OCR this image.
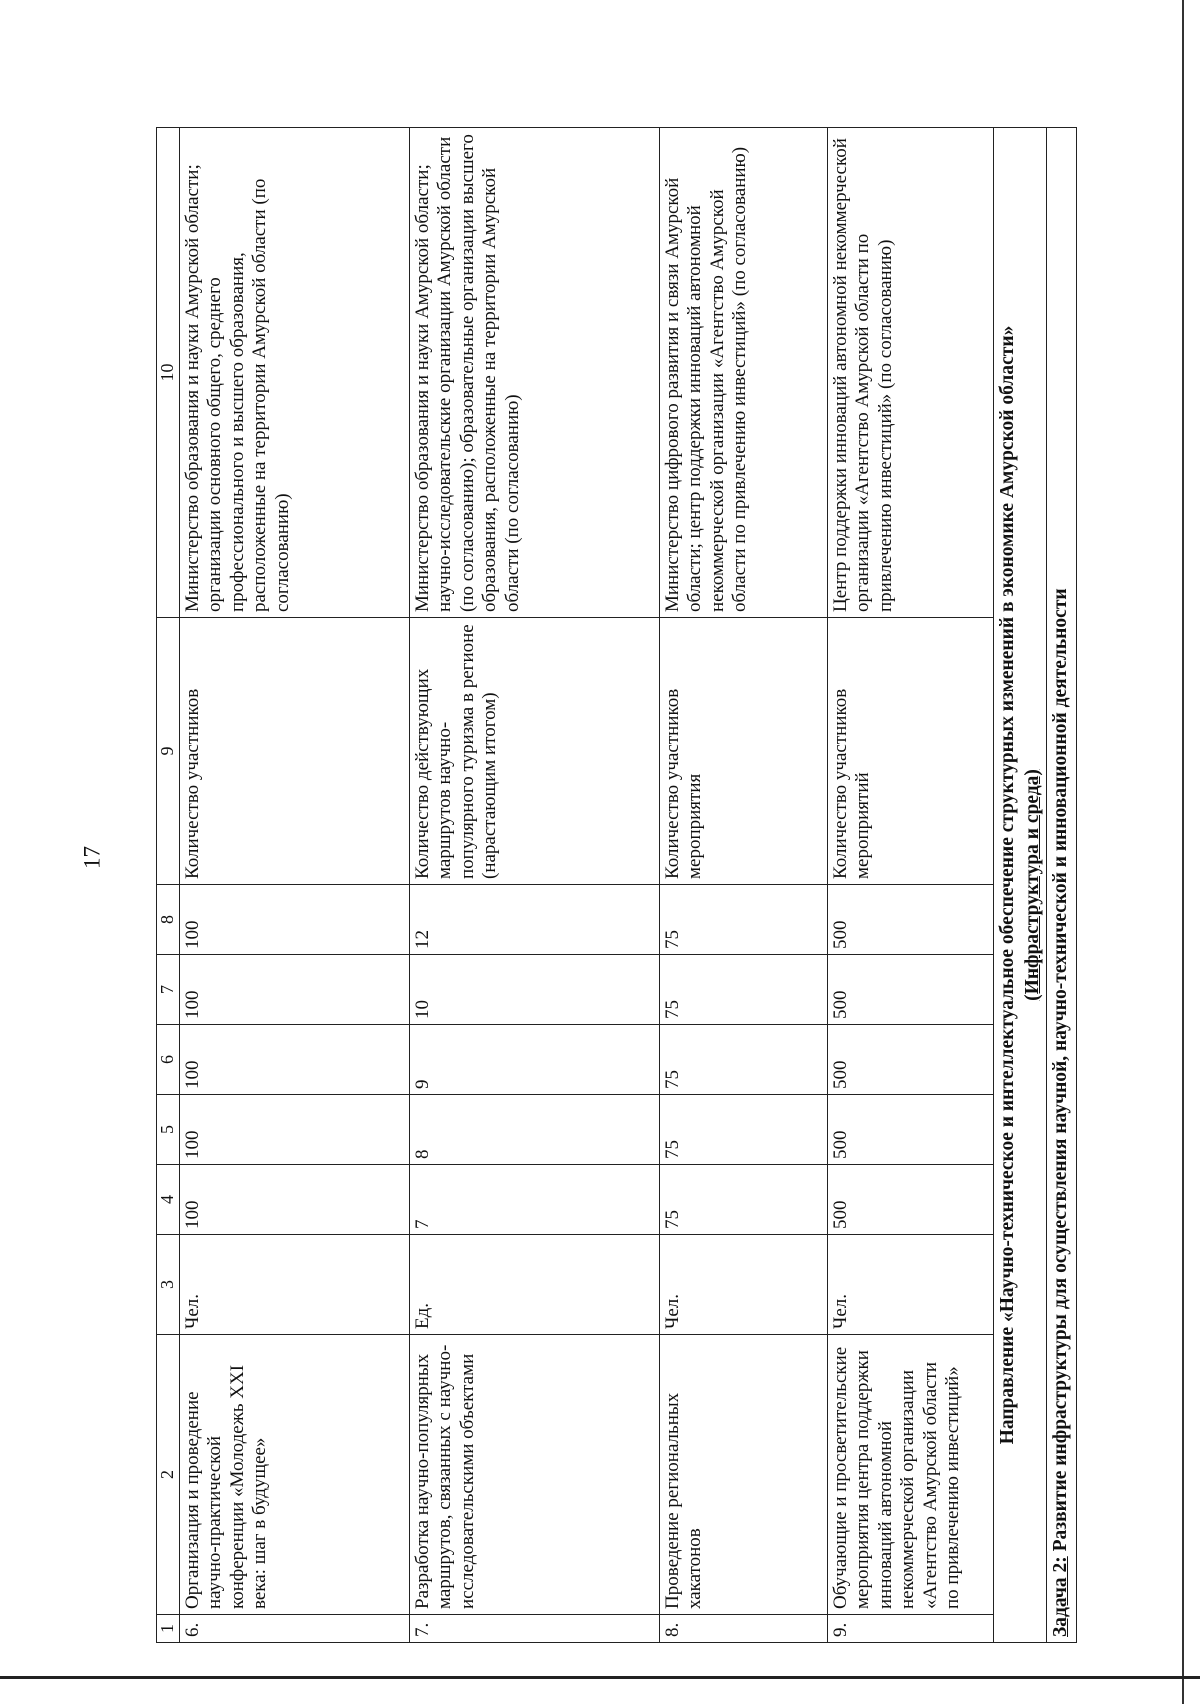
17
1	2	3	4	5	6	7	8	9	10
6.	Организация и проведение научно-практической конференции «Молодежь XXI века: шаг в будущее»	Чел.	100	100	100	100	100	Количество участников	Министерство образования и науки Амурской области; организации основного общего, среднего профессионального и высшего образования, расположенные на территории Амурской области (по согласованию)
7.	Разработка научно-популярных маршрутов, связанных с научно-исследовательскими объектами	Ед.	7	8	9	10	12	Количество действующих маршрутов научно-популярного туризма в регионе (нарастающим итогом)	Министерство образования и науки Амурской области; научно-исследовательские организации Амурской области (по согласованию); образовательные организации высшего образования, расположенные на территории Амурской области (по согласованию)
8.	Проведение региональных хакатонов	Чел.	75	75	75	75	75	Количество участников мероприятия	Министерство цифрового развития и связи Амурской области; центр поддержки инноваций автономной некоммерческой организации «Агентство Амурской области по привлечению инвестиций» (по согласованию)
9.	Обучающие и просветительские мероприятия центра поддержки инноваций автономной некоммерческой организации «Агентство Амурской области по привлечению инвестиций»	Чел.	500	500	500	500	500	Количество участников мероприятий	Центр поддержки инноваций автономной некоммерческой организации «Агентство Амурской области по привлечению инвестиций» (по согласованию)
Направление «Научно-техническое и интеллектуальное обеспечение структурных изменений в экономике Амурской области»									
(Инфраструктура и среда)									
Задача 2: Развитие инфраструктуры для осуществления научной, научно-технической и инновационной деятельности									
